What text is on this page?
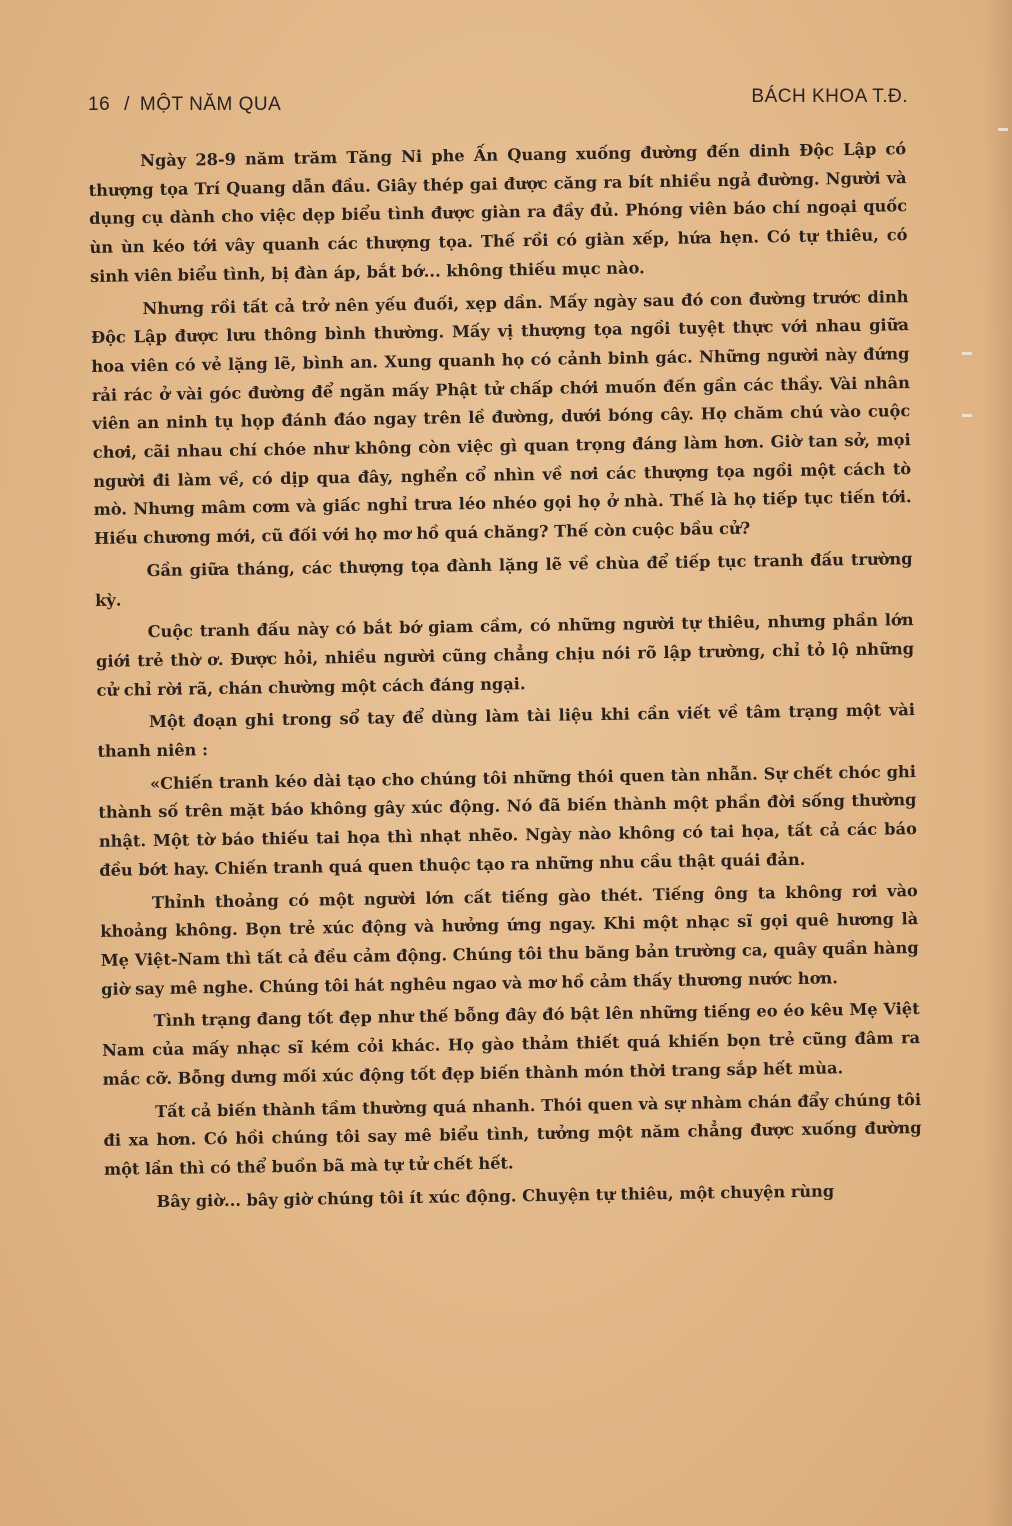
16 / MỘT NĂM QUA	BÁCH KHOA T.Đ.

Ngày 28-9 năm trăm Tăng Ni phe Ấn Quang xuống đường đến dinh Độc Lập có thượng tọa Trí Quang dẫn đầu. Giây thép gai được căng ra bít nhiều ngả đường. Người và dụng cụ dành cho việc dẹp biểu tình được giàn ra đầy đủ. Phóng viên báo chí ngoại quốc ùn ùn kéo tới vây quanh các thượng tọa. Thế rồi có giàn xếp, hứa hẹn. Có tự thiêu, có sinh viên biểu tình, bị đàn áp, bắt bớ... không thiếu mục nào.

Nhưng rồi tất cả trở nên yếu đuối, xẹp dần. Mấy ngày sau đó con đường trước dinh Độc Lập được lưu thông bình thường. Mấy vị thượng tọa ngồi tuyệt thực với nhau giữa hoa viên có vẻ lặng lẽ, bình an. Xung quanh họ có cảnh binh gác. Những người này đứng rải rác ở vài góc đường để ngăn mấy Phật tử chấp chới muốn đến gần các thầy. Vài nhân viên an ninh tụ họp đánh đáo ngay trên lề đường, dưới bóng cây. Họ chăm chú vào cuộc chơi, cãi nhau chí chóe như không còn việc gì quan trọng đáng làm hơn. Giờ tan sở, mọi người đi làm về, có dịp qua đây, nghển cổ nhìn về nơi các thượng tọa ngồi một cách tò mò. Nhưng mâm cơm và giấc nghỉ trưa léo nhéo gọi họ ở nhà. Thế là họ tiếp tục tiến tới. Hiếu chương mới, cũ đối với họ mơ hồ quá chăng? Thế còn cuộc bầu cử?

Gần giữa tháng, các thượng tọa đành lặng lẽ về chùa để tiếp tục tranh đấu trường kỳ.

Cuộc tranh đấu này có bắt bớ giam cầm, có những người tự thiêu, nhưng phần lớn giới trẻ thờ ơ. Được hỏi, nhiều người cũng chẳng chịu nói rõ lập trường, chỉ tỏ lộ những cử chỉ rời rã, chán chường một cách đáng ngại.

Một đoạn ghi trong sổ tay để dùng làm tài liệu khi cần viết về tâm trạng một vài thanh niên :

«Chiến tranh kéo dài tạo cho chúng tôi những thói quen tàn nhẫn. Sự chết chóc ghi thành số trên mặt báo không gây xúc động. Nó đã biến thành một phần đời sống thường nhật. Một tờ báo thiếu tai họa thì nhạt nhẽo. Ngày nào không có tai họa, tất cả các báo đều bớt hay. Chiến tranh quá quen thuộc tạo ra những nhu cầu thật quái đản.

Thỉnh thoảng có một người lớn cất tiếng gào thét. Tiếng ông ta không rơi vào khoảng không. Bọn trẻ xúc động và hưởng ứng ngay. Khi một nhạc sĩ gọi quê hương là Mẹ Việt-Nam thì tất cả đều cảm động. Chúng tôi thu băng bản trường ca, quây quần hàng giờ say mê nghe. Chúng tôi hát nghêu ngao và mơ hồ cảm thấy thương nước hơn.

Tình trạng đang tốt đẹp như thế bỗng đây đó bật lên những tiếng eo éo kêu Mẹ Việt Nam của mấy nhạc sĩ kém cỏi khác. Họ gào thảm thiết quá khiến bọn trẻ cũng đâm ra mắc cỡ. Bỗng dưng mối xúc động tốt đẹp biến thành món thời trang sắp hết mùa.

Tất cả biến thành tầm thường quá nhanh. Thói quen và sự nhàm chán đẩy chúng tôi đi xa hơn. Có hồi chúng tôi say mê biểu tình, tưởng một năm chẳng được xuống đường một lần thì có thể buồn bã mà tự tử chết hết.

Bây giờ... bây giờ chúng tôi ít xúc động. Chuyện tự thiêu, một chuyện rùng
